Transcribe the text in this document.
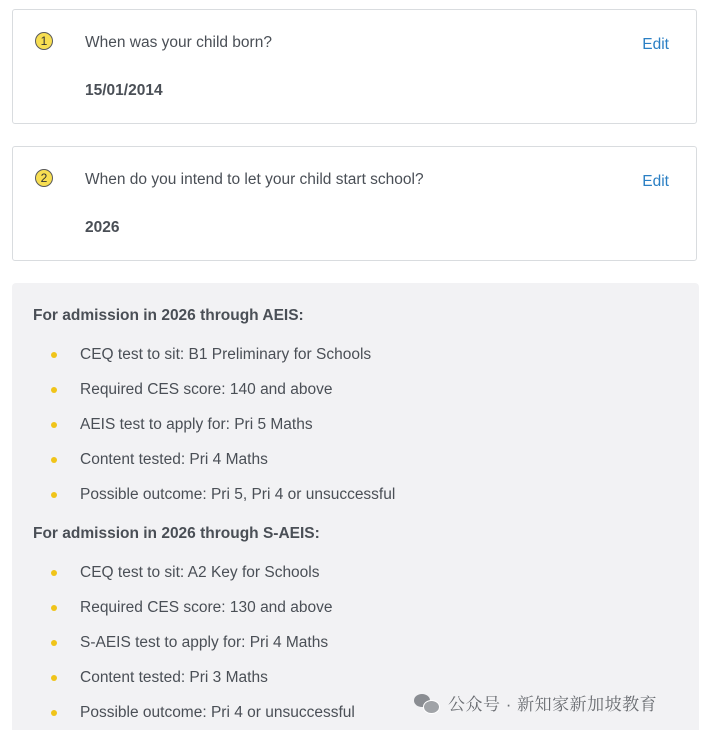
1	When was your child born?
15/01/2014
Edit
2	When do you intend to let your child start school?
2026
Edit
For admission in 2026 through AEIS:
CEQ test to sit: B1 Preliminary for Schools
Required CES score: 140 and above
AEIS test to apply for: Pri 5 Maths
Content tested: Pri 4 Maths
Possible outcome: Pri 5, Pri 4 or unsuccessful
For admission in 2026 through S-AEIS:
CEQ test to sit: A2 Key for Schools
Required CES score: 130 and above
S-AEIS test to apply for: Pri 4 Maths
Content tested: Pri 3 Maths
Possible outcome: Pri 4 or unsuccessful	公众号 · 新知家新加坡教育
